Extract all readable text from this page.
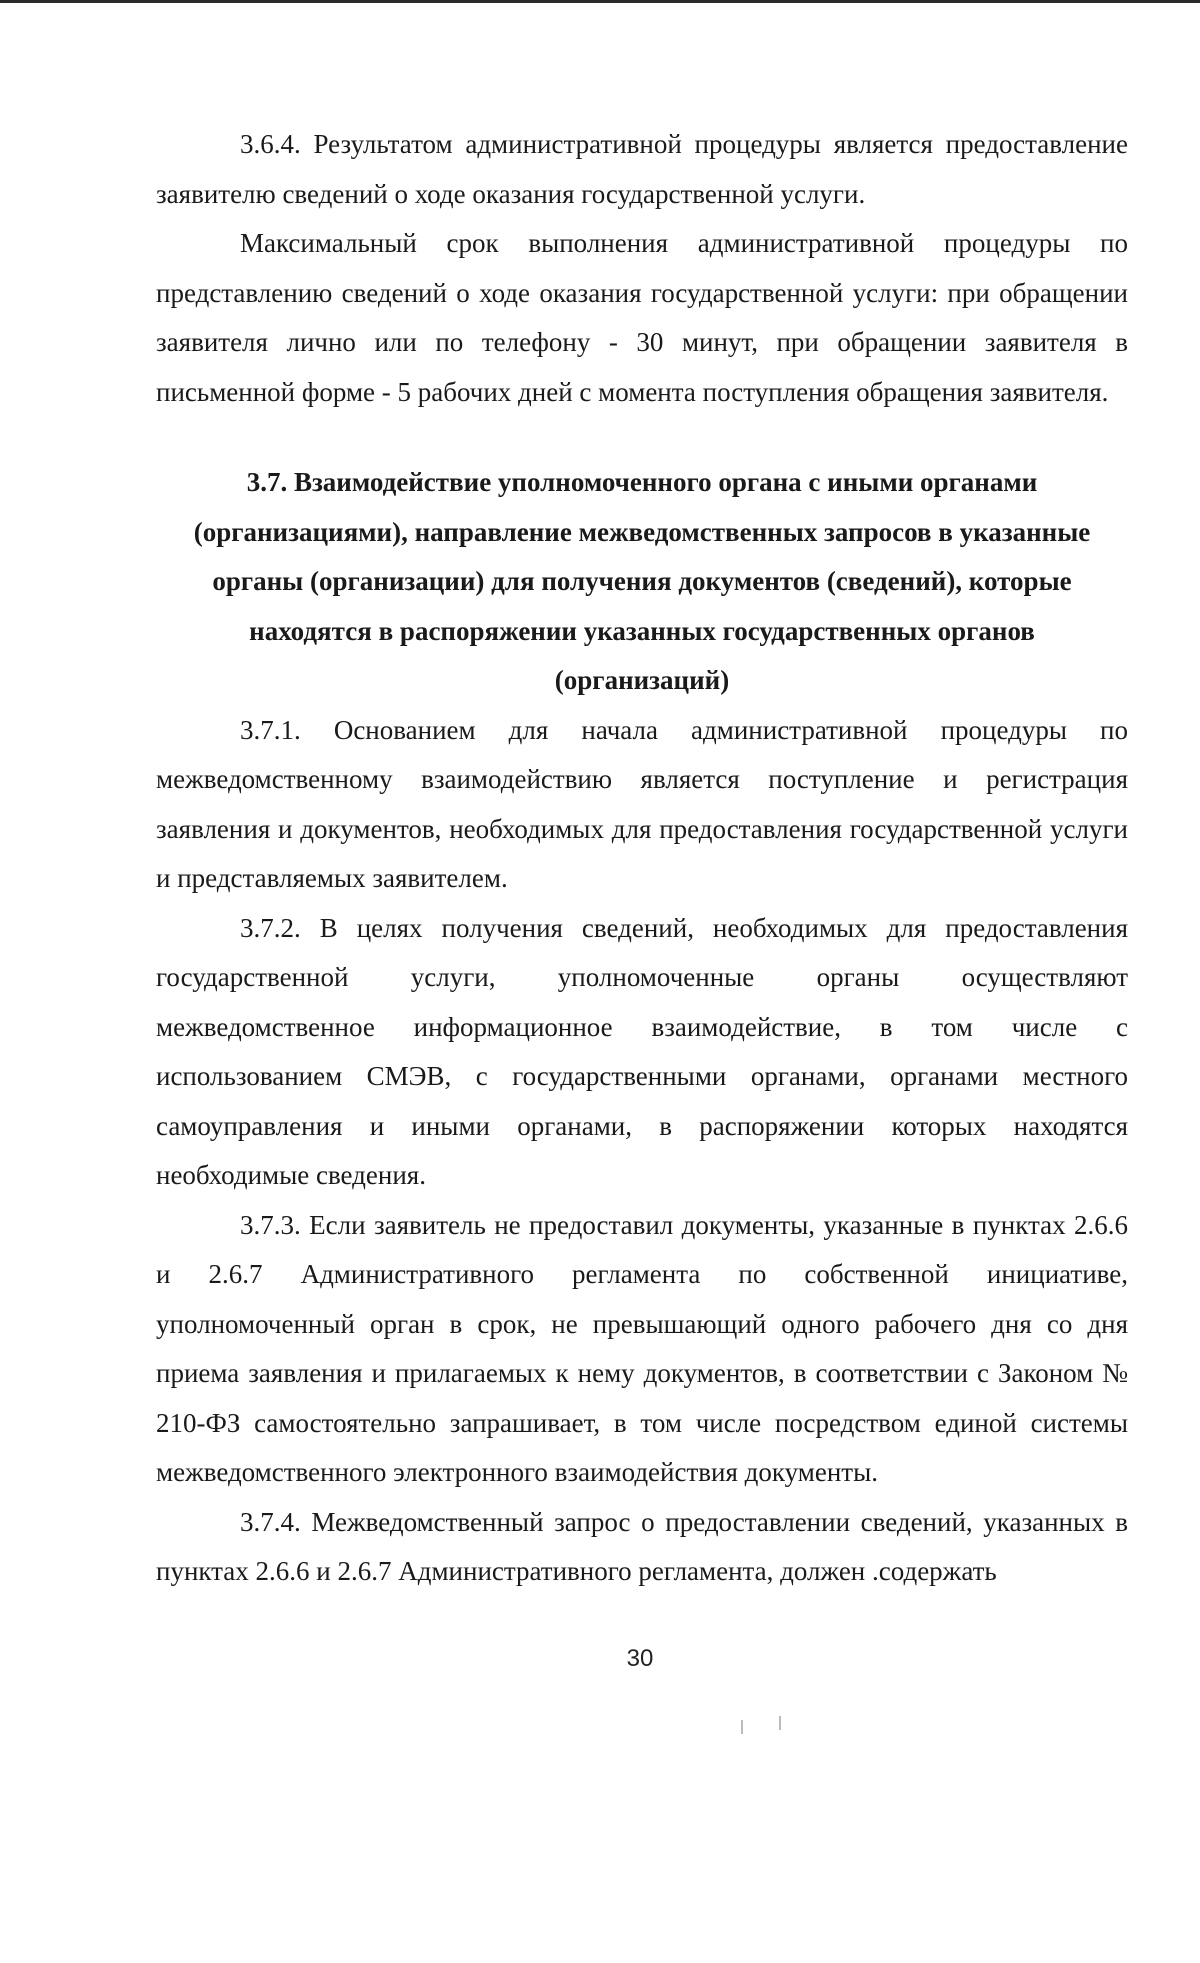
3.6.4. Результатом административной процедуры является предоставление заявителю сведений о ходе оказания государственной услуги.

Максимальный срок выполнения административной процедуры по представлению сведений о ходе оказания государственной услуги: при обращении заявителя лично или по телефону - 30 минут, при обращении заявителя в письменной форме - 5 рабочих дней с момента поступления обращения заявителя.

3.7. Взаимодействие уполномоченного органа с иными органами (организациями), направление межведомственных запросов в указанные органы (организации) для получения документов (сведений), которые находятся в распоряжении указанных государственных органов (организаций)

3.7.1. Основанием для начала административной процедуры по межведомственному взаимодействию является поступление и регистрация заявления и документов, необходимых для предоставления государственной услуги и представляемых заявителем.

3.7.2. В целях получения сведений, необходимых для предоставления государственной услуги, уполномоченные органы осуществляют межведомственное информационное взаимодействие, в том числе с использованием СМЭВ, с государственными органами, органами местного самоуправления и иными органами, в распоряжении которых находятся необходимые сведения.

3.7.3. Если заявитель не предоставил документы, указанные в пунктах 2.6.6 и 2.6.7 Административного регламента по собственной инициативе, уполномоченный орган в срок, не превышающий одного рабочего дня со дня приема заявления и прилагаемых к нему документов, в соответствии с Законом № 210-ФЗ самостоятельно запрашивает, в том числе посредством единой системы межведомственного электронного взаимодействия документы.

3.7.4. Межведомственный запрос о предоставлении сведений, указанных в пунктах 2.6.6 и 2.6.7 Административного регламента, должен .содержать

30
